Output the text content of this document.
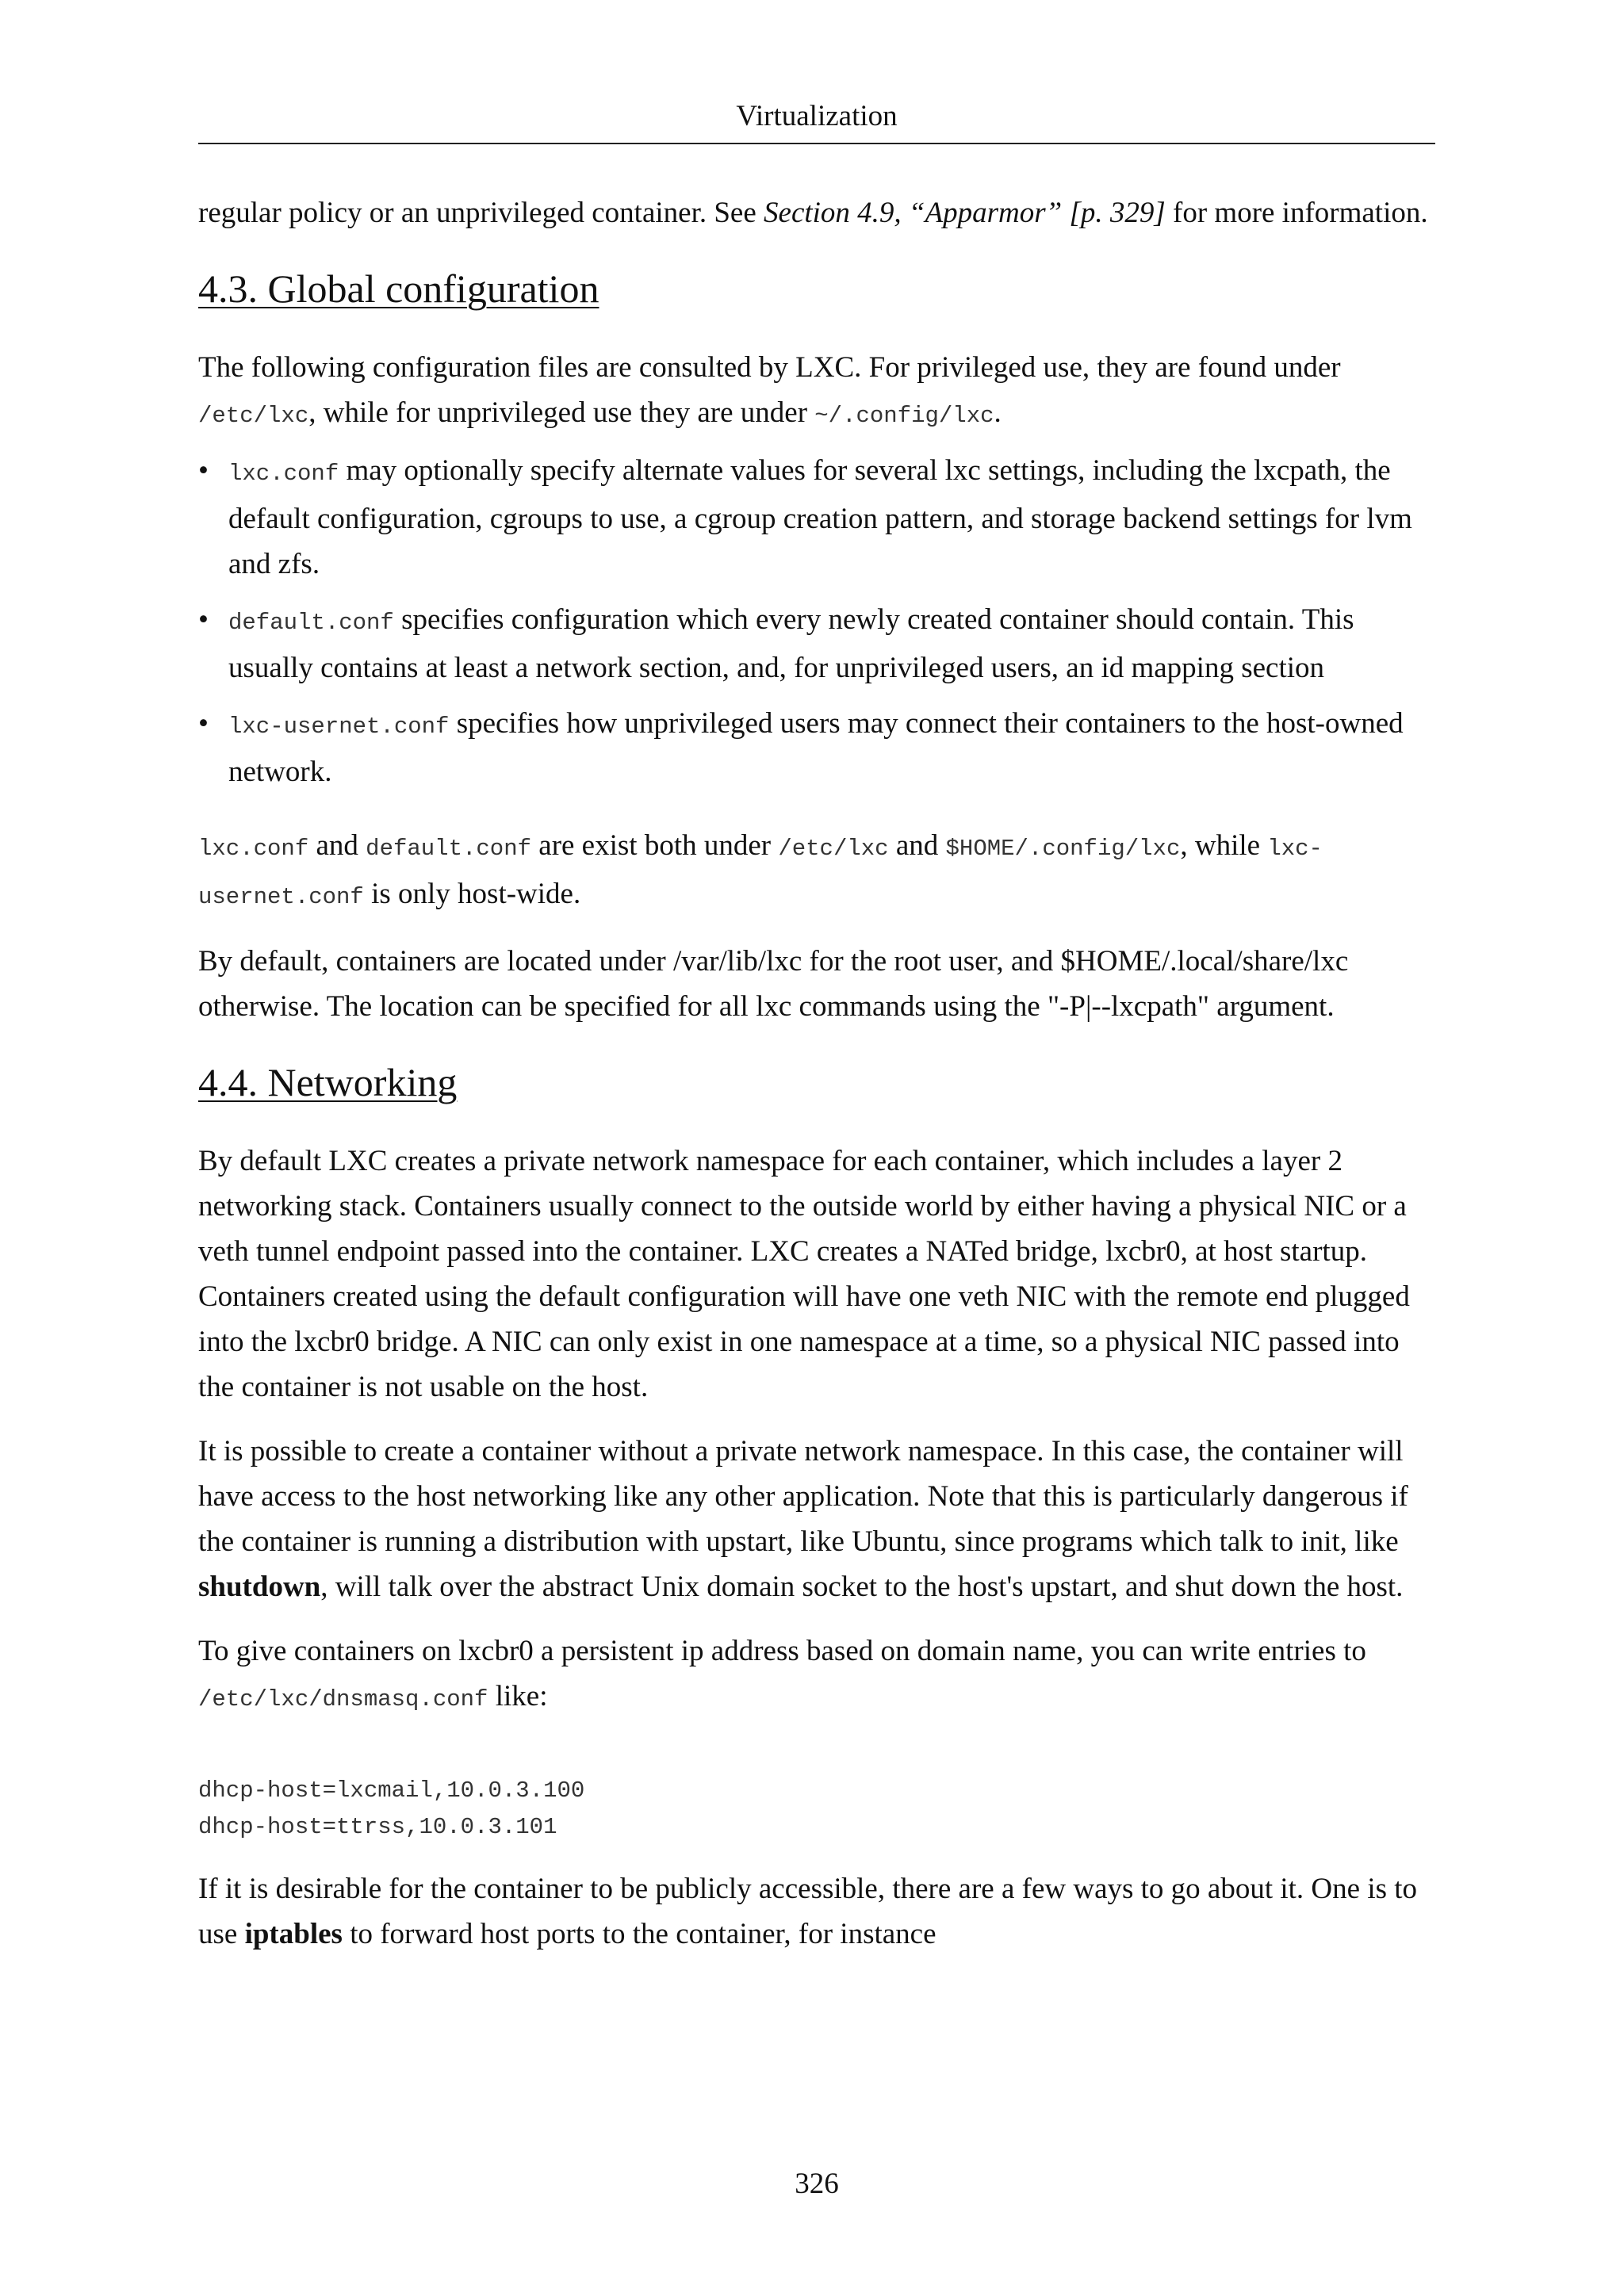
Virtualization

regular policy or an unprivileged container. See Section 4.9, “Apparmor” [p. 329] for more information.

4.3. Global configuration

The following configuration files are consulted by LXC. For privileged use, they are found under /etc/lxc, while for unprivileged use they are under ~/.config/lxc.

• lxc.conf may optionally specify alternate values for several lxc settings, including the lxcpath, the default configuration, cgroups to use, a cgroup creation pattern, and storage backend settings for lvm and zfs.
• default.conf specifies configuration which every newly created container should contain. This usually contains at least a network section, and, for unprivileged users, an id mapping section
• lxc-usernet.conf specifies how unprivileged users may connect their containers to the host-owned network.

lxc.conf and default.conf are exist both under /etc/lxc and $HOME/.config/lxc, while lxc-usernet.conf is only host-wide.

By default, containers are located under /var/lib/lxc for the root user, and $HOME/.local/share/lxc otherwise. The location can be specified for all lxc commands using the "-P|--lxcpath" argument.

4.4. Networking

By default LXC creates a private network namespace for each container, which includes a layer 2 networking stack. Containers usually connect to the outside world by either having a physical NIC or a veth tunnel endpoint passed into the container. LXC creates a NATed bridge, lxcbr0, at host startup. Containers created using the default configuration will have one veth NIC with the remote end plugged into the lxcbr0 bridge. A NIC can only exist in one namespace at a time, so a physical NIC passed into the container is not usable on the host.

It is possible to create a container without a private network namespace. In this case, the container will have access to the host networking like any other application. Note that this is particularly dangerous if the container is running a distribution with upstart, like Ubuntu, since programs which talk to init, like shutdown, will talk over the abstract Unix domain socket to the host's upstart, and shut down the host.

To give containers on lxcbr0 a persistent ip address based on domain name, you can write entries to /etc/lxc/dnsmasq.conf like:

dhcp-host=lxcmail,10.0.3.100
dhcp-host=ttrss,10.0.3.101

If it is desirable for the container to be publicly accessible, there are a few ways to go about it. One is to use iptables to forward host ports to the container, for instance

326
